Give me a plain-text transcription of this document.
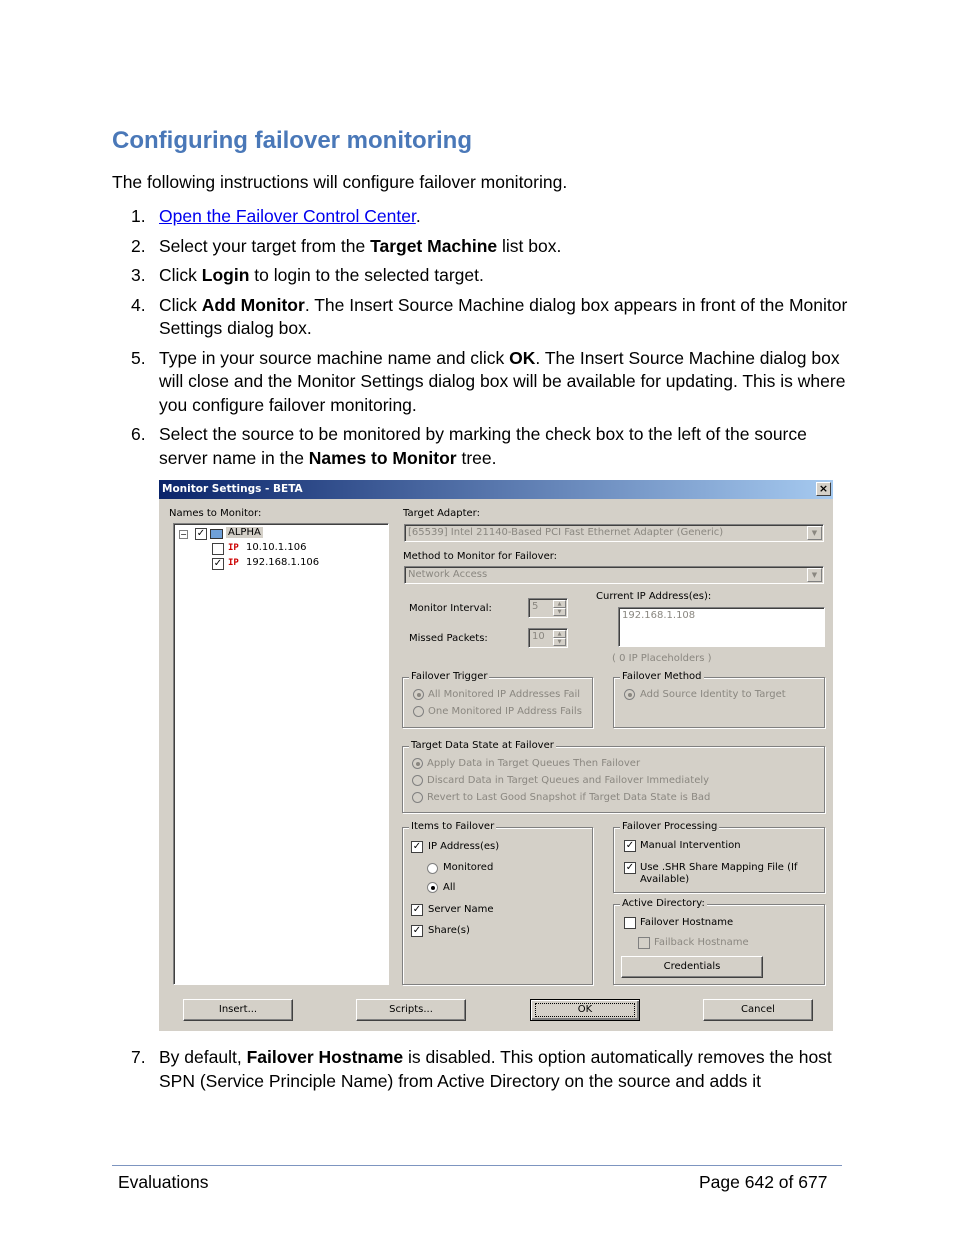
Configuring failover monitoring
The following instructions will configure failover monitoring.
1. Open the Failover Control Center.
2. Select your target from the Target Machine list box.
3. Click Login to login to the selected target.
4. Click Add Monitor. The Insert Source Machine dialog box appears in front of the Monitor Settings dialog box.
5. Type in your source machine name and click OK. The Insert Source Machine dialog box will close and the Monitor Settings dialog box will be available for updating. This is where you configure failover monitoring.
6. Select the source to be monitored by marking the check box to the left of the source server name in the Names to Monitor tree.
Monitor Settings - BETA	×
Names to Monitor:
− ✓ ALPHA
IP 10.10.1.106
✓ IP 192.168.1.106
Target Adapter:
[65539] Intel 21140-Based PCI Fast Ethernet Adapter (Generic)	▼
Method to Monitor for Failover:
Network Access	▼
Monitor Interval:	5	▲
▼
Missed Packets:	10	▲
▼
Current IP Address(es):
192.168.1.108
( 0 IP Placeholders )
Failover Trigger
All Monitored IP Addresses Fail
One Monitored IP Address Fails
Failover Method
Add Source Identity to Target
Target Data State at Failover
Apply Data in Target Queues Then Failover
Discard Data in Target Queues and Failover Immediately
Revert to Last Good Snapshot if Target Data State is Bad
Items to Failover
✓ IP Address(es)
Monitored
All
✓ Server Name
✓ Share(s)
Failover Processing
✓ Manual Intervention
✓ Use .SHR Share Mapping File (If Available)
Active Directory:
Failover Hostname
Failback Hostname
Credentials
Insert...	Scripts...	OK	Cancel
7. By default, Failover Hostname is disabled. This option automatically removes the host SPN (Service Principle Name) from Active Directory on the source and adds it
Evaluations	Page 642 of 677
